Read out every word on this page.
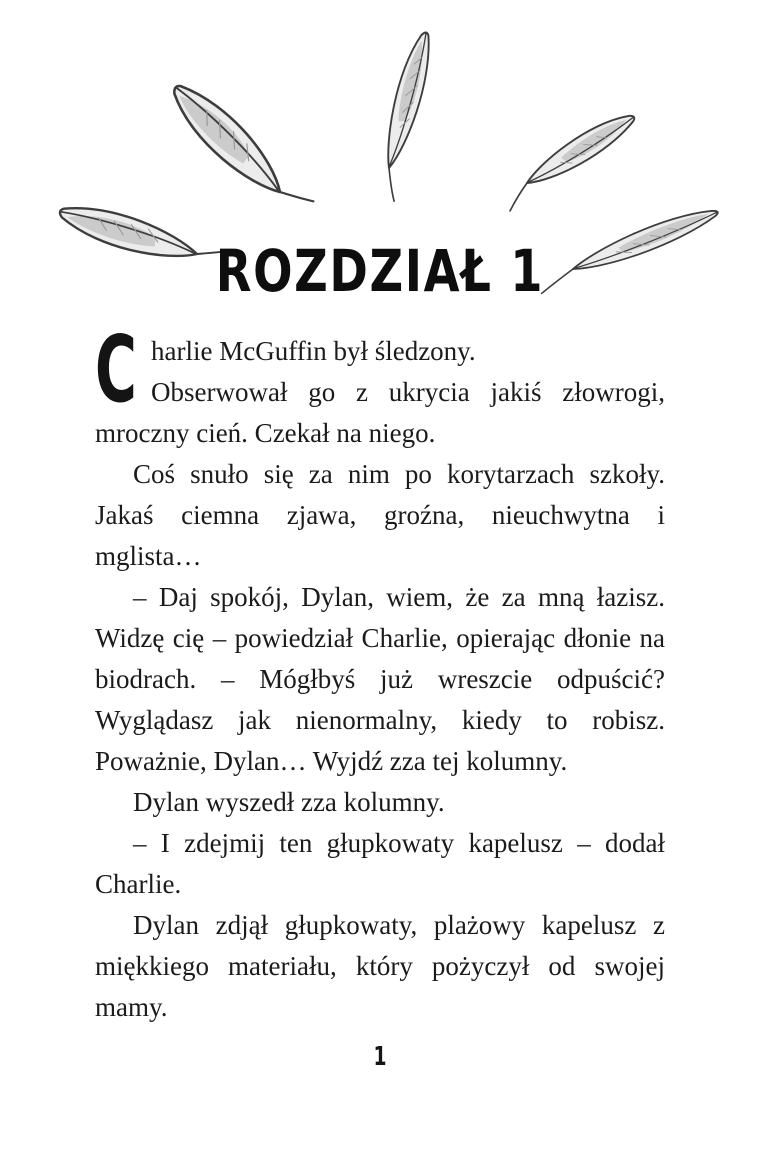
ROZDZIAŁ 1
C harlie McGuffin był śledzony.

Obserwował go z ukrycia jakiś złowrogi, mroczny cień. Czekał na niego.

Coś snuło się za nim po korytarzach szkoły. Jakaś ciemna zjawa, groźna, nieuchwytna i mglista…

– Daj spokój, Dylan, wiem, że za mną łazisz. Widzę cię – powiedział Charlie, opierając dłonie na biodrach. – Mógłbyś już wreszcie odpuścić? Wyglądasz jak nienormalny, kiedy to robisz. Poważnie, Dylan… Wyjdź zza tej kolumny.

Dylan wyszedł zza kolumny.

– I zdejmij ten głupkowaty kapelusz – dodał Charlie.

Dylan zdjął głupkowaty, plażowy kapelusz z miękkiego materiału, który pożyczył od swojej mamy.

1
